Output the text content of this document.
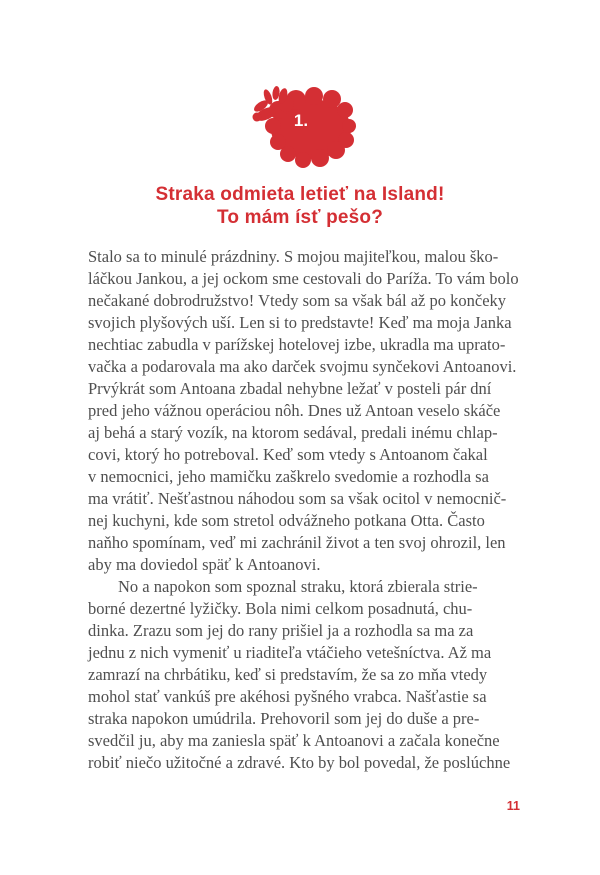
1.
Straka odmieta letieť na Island!
To mám ísť pešo?
Stalo sa to minulé prázdniny. S mojou majiteľkou, malou ško-
láčkou Jankou, a jej ockom sme cestovali do Paríža. To vám bolo
nečakané dobrodružstvo! Vtedy som sa však bál až po končeky
svojich plyšových uší. Len si to predstavte! Keď ma moja Janka
nechtiac zabudla v parížskej hotelovej izbe, ukradla ma uprato-
vačka a podarovala ma ako darček svojmu synčekovi Antoanovi.
Prvýkrát som Antoana zbadal nehybne ležať v posteli pár dní
pred jeho vážnou operáciou nôh. Dnes už Antoan veselo skáče
aj behá a starý vozík, na ktorom sedával, predali inému chlap-
covi, ktorý ho potreboval. Keď som vtedy s Antoanom čakal
v nemocnici, jeho mamičku zaškrelo svedomie a rozhodla sa
ma vrátiť. Nešťastnou náhodou som sa však ocitol v nemocnič-
nej kuchyni, kde som stretol odvážneho potkana Otta. Často
naňho spomínam, veď mi zachránil život a ten svoj ohrozil, len
aby ma doviedol späť k Antoanovi.
No a napokon som spoznal straku, ktorá zbierala strie-
borné dezertné lyžičky. Bola nimi celkom posadnutá, chu-
dinka. Zrazu som jej do rany prišiel ja a rozhodla sa ma za
jednu z nich vymeniť u riaditeľa vtáčieho vetešníctva. Až ma
zamrazí na chrbátiku, keď si predstavím, že sa zo mňa vtedy
mohol stať vankúš pre akéhosi pyšného vrabca. Našťastie sa
straka napokon umúdrila. Prehovoril som jej do duše a pre-
svedčil ju, aby ma zaniesla späť k Antoanovi a začala konečne
robiť niečo užitočné a zdravé. Kto by bol povedal, že poslúchne
11
